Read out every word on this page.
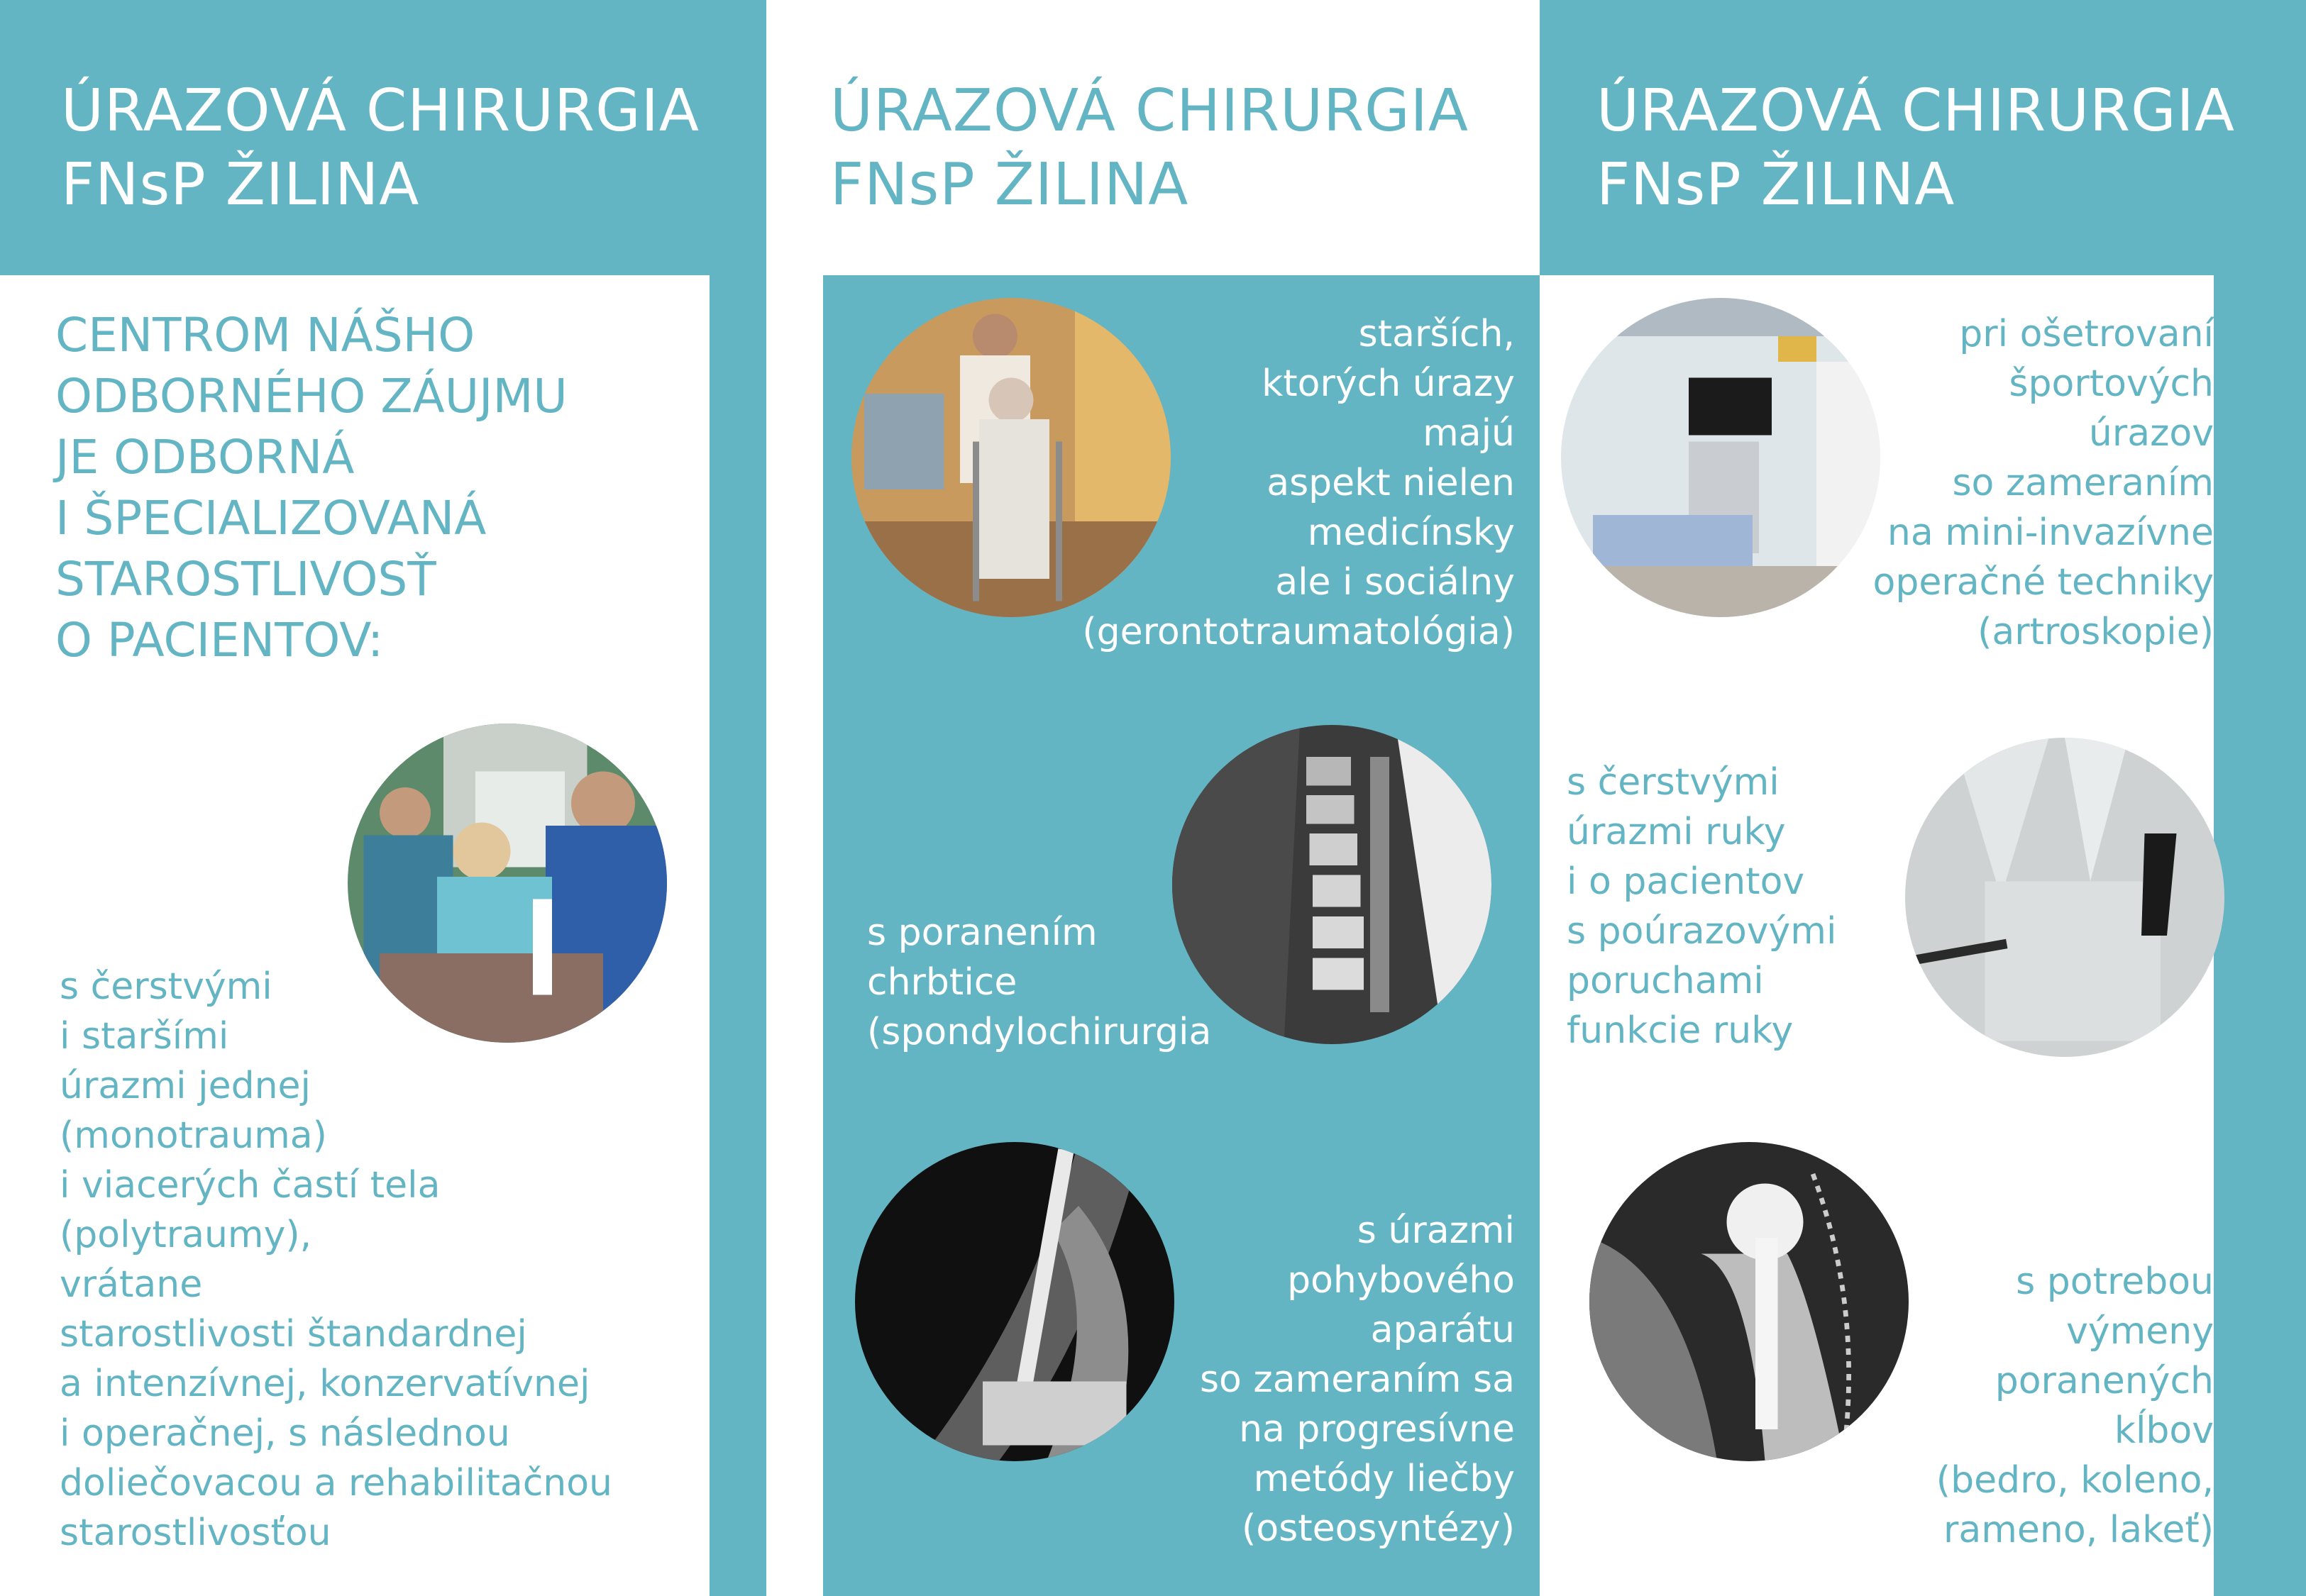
ÚRAZOVÁ CHIRURGIA
FNsP ŽILINA
CENTROM NÁŠHO
ODBORNÉHO ZÁUJMU
JE ODBORNÁ
I ŠPECIALIZOVANÁ
STAROSTLIVOSŤ
O PACIENTOV:
s čerstvými
i staršími
úrazmi jednej
(monotrauma)
i viacerých častí tela
(polytraumy),
vrátane
starostlivosti štandardnej
a intenzívnej, konzervatívnej
i operačnej, s následnou
doliečovacou a rehabilitačnou
starostlivosťou
ÚRAZOVÁ CHIRURGIA
FNsP ŽILINA
starších,
ktorých úrazy
majú
aspekt nielen
medicínsky
ale i sociálny
(gerontotraumatológia)
s poranením
chrbtice
(spondylochirurgia
s úrazmi
pohybového
aparátu
so zameraním sa
na progresívne
metódy liečby
(osteosyntézy)
ÚRAZOVÁ CHIRURGIA
FNsP ŽILINA
pri ošetrovaní
športových
úrazov
so zameraním
na mini-invazívne
operačné techniky
(artroskopie)
s čerstvými
úrazmi ruky
i o pacientov
s poúrazovými
poruchami
funkcie ruky
s potrebou
výmeny
poranených
kĺbov
(bedro, koleno,
rameno, lakeť)
